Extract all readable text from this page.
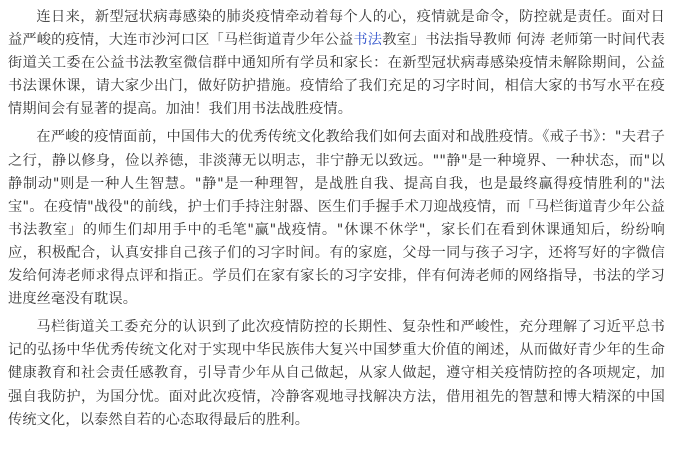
连日来，新型冠状病毒感染的肺炎疫情牵动着每个人的心，疫情就是命令，防控就是责任。面对日益严峻的疫情，大连市沙河口区「马栏街道青少年公益书法教室」书法指导教师 何涛 老师第一时间代表街道关工委在公益书法教室微信群中通知所有学员和家长：在新型冠状病毒感染疫情未解除期间，公益书法课休课，请大家少出门，做好防护措施。疫情给了我们充足的习字时间，相信大家的书写水平在疫情期间会有显著的提高。加油！我们用书法战胜疫情。

在严峻的疫情面前，中国伟大的优秀传统文化教给我们如何去面对和战胜疫情。《戒子书》："夫君子之行，静以修身，俭以养德，非淡薄无以明志，非宁静无以致远。""静"是一种境界、一种状态，而"以静制动"则是一种人生智慧。"静"是一种理智，是战胜自我、提高自我，也是最终赢得疫情胜利的"法宝"。在疫情"战役"的前线，护士们手持注射器、医生们手握手术刀迎战疫情，而「马栏街道青少年公益书法教室」的师生们却用手中的毛笔"赢"战疫情。"休课不休学"，家长们在看到休课通知后，纷纷响应，积极配合，认真安排自己孩子们的习字时间。有的家庭，父母一同与孩子习字，还将写好的字微信发给何涛老师求得点评和指正。学员们在家有家长的习字安排，伴有何涛老师的网络指导，书法的学习进度丝毫没有耽误。

马栏街道关工委充分的认识到了此次疫情防控的长期性、复杂性和严峻性，充分理解了习近平总书记的弘扬中华优秀传统文化对于实现中华民族伟大复兴中国梦重大价值的阐述，从而做好青少年的生命健康教育和社会责任感教育，引导青少年从自己做起，从家人做起，遵守相关疫情防控的各项规定，加强自我防护，为国分忧。面对此次疫情，冷静客观地寻找解决方法，借用祖先的智慧和博大精深的中国传统文化，以泰然自若的心态取得最后的胜利。
